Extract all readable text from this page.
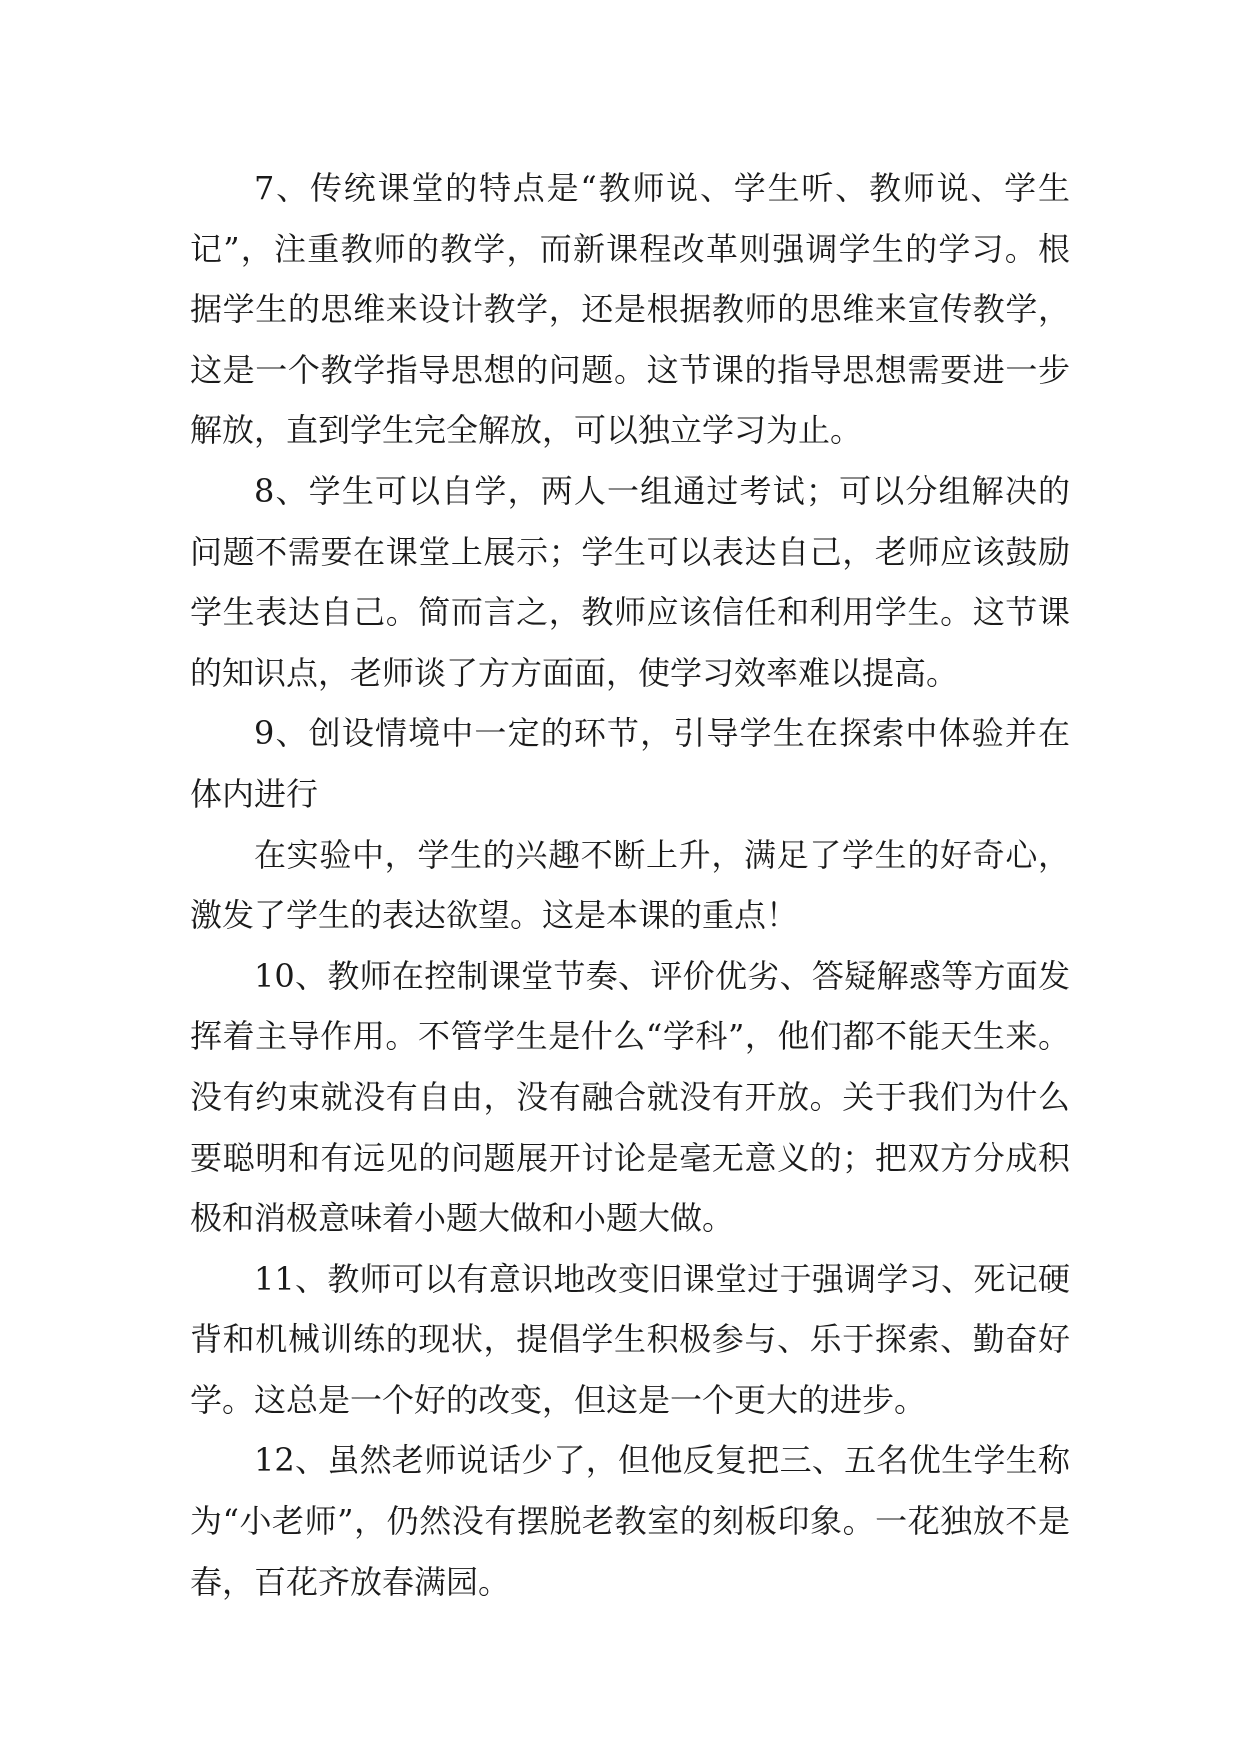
7、传统课堂的特点是“教师说、学生听、教师说、学生记”，注重教师的教学，而新课程改革则强调学生的学习。根据学生的思维来设计教学，还是根据教师的思维来宣传教学，这是一个教学指导思想的问题。这节课的指导思想需要进一步解放，直到学生完全解放，可以独立学习为止。

8、学生可以自学，两人一组通过考试；可以分组解决的问题不需要在课堂上展示；学生可以表达自己，老师应该鼓励学生表达自己。简而言之，教师应该信任和利用学生。这节课的知识点，老师谈了方方面面，使学习效率难以提高。

9、创设情境中一定的环节，引导学生在探索中体验并在体内进行

在实验中，学生的兴趣不断上升，满足了学生的好奇心，激发了学生的表达欲望。这是本课的重点！

10、教师在控制课堂节奏、评价优劣、答疑解惑等方面发挥着主导作用。不管学生是什么“学科”，他们都不能天生来。没有约束就没有自由，没有融合就没有开放。关于我们为什么要聪明和有远见的问题展开讨论是毫无意义的；把双方分成积极和消极意味着小题大做和小题大做。

11、教师可以有意识地改变旧课堂过于强调学习、死记硬背和机械训练的现状，提倡学生积极参与、乐于探索、勤奋好学。这总是一个好的改变，但这是一个更大的进步。

12、虽然老师说话少了，但他反复把三、五名优生学生称为“小老师”，仍然没有摆脱老教室的刻板印象。一花独放不是春，百花齐放春满园。
